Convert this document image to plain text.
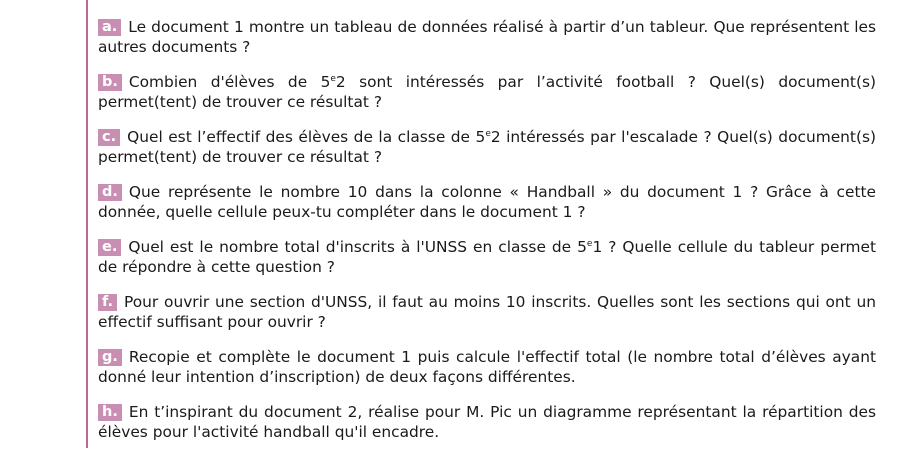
a. Le document 1 montre un tableau de données réalisé à partir d’un tableur. Que représentent les autres documents ?

b. Combien d'élèves de 5e2 sont intéressés par l’activité football ? Quel(s) document(s) permet(tent) de trouver ce résultat ?

c. Quel est l’effectif des élèves de la classe de 5e2 intéressés par l'escalade ? Quel(s) document(s) permet(tent) de trouver ce résultat ?

d. Que représente le nombre 10 dans la colonne « Handball » du document 1 ? Grâce à cette donnée, quelle cellule peux-tu compléter dans le document 1 ?

e. Quel est le nombre total d'inscrits à l'UNSS en classe de 5e1 ? Quelle cellule du tableur permet de répondre à cette question ?

f. Pour ouvrir une section d'UNSS, il faut au moins 10 inscrits. Quelles sont les sections qui ont un effectif suffisant pour ouvrir ?

g. Recopie et complète le document 1 puis calcule l'effectif total (le nombre total d’élèves ayant donné leur intention d’inscription) de deux façons différentes.

h. En t’inspirant du document 2, réalise pour M. Pic un diagramme représentant la répartition des élèves pour l'activité handball qu'il encadre.
